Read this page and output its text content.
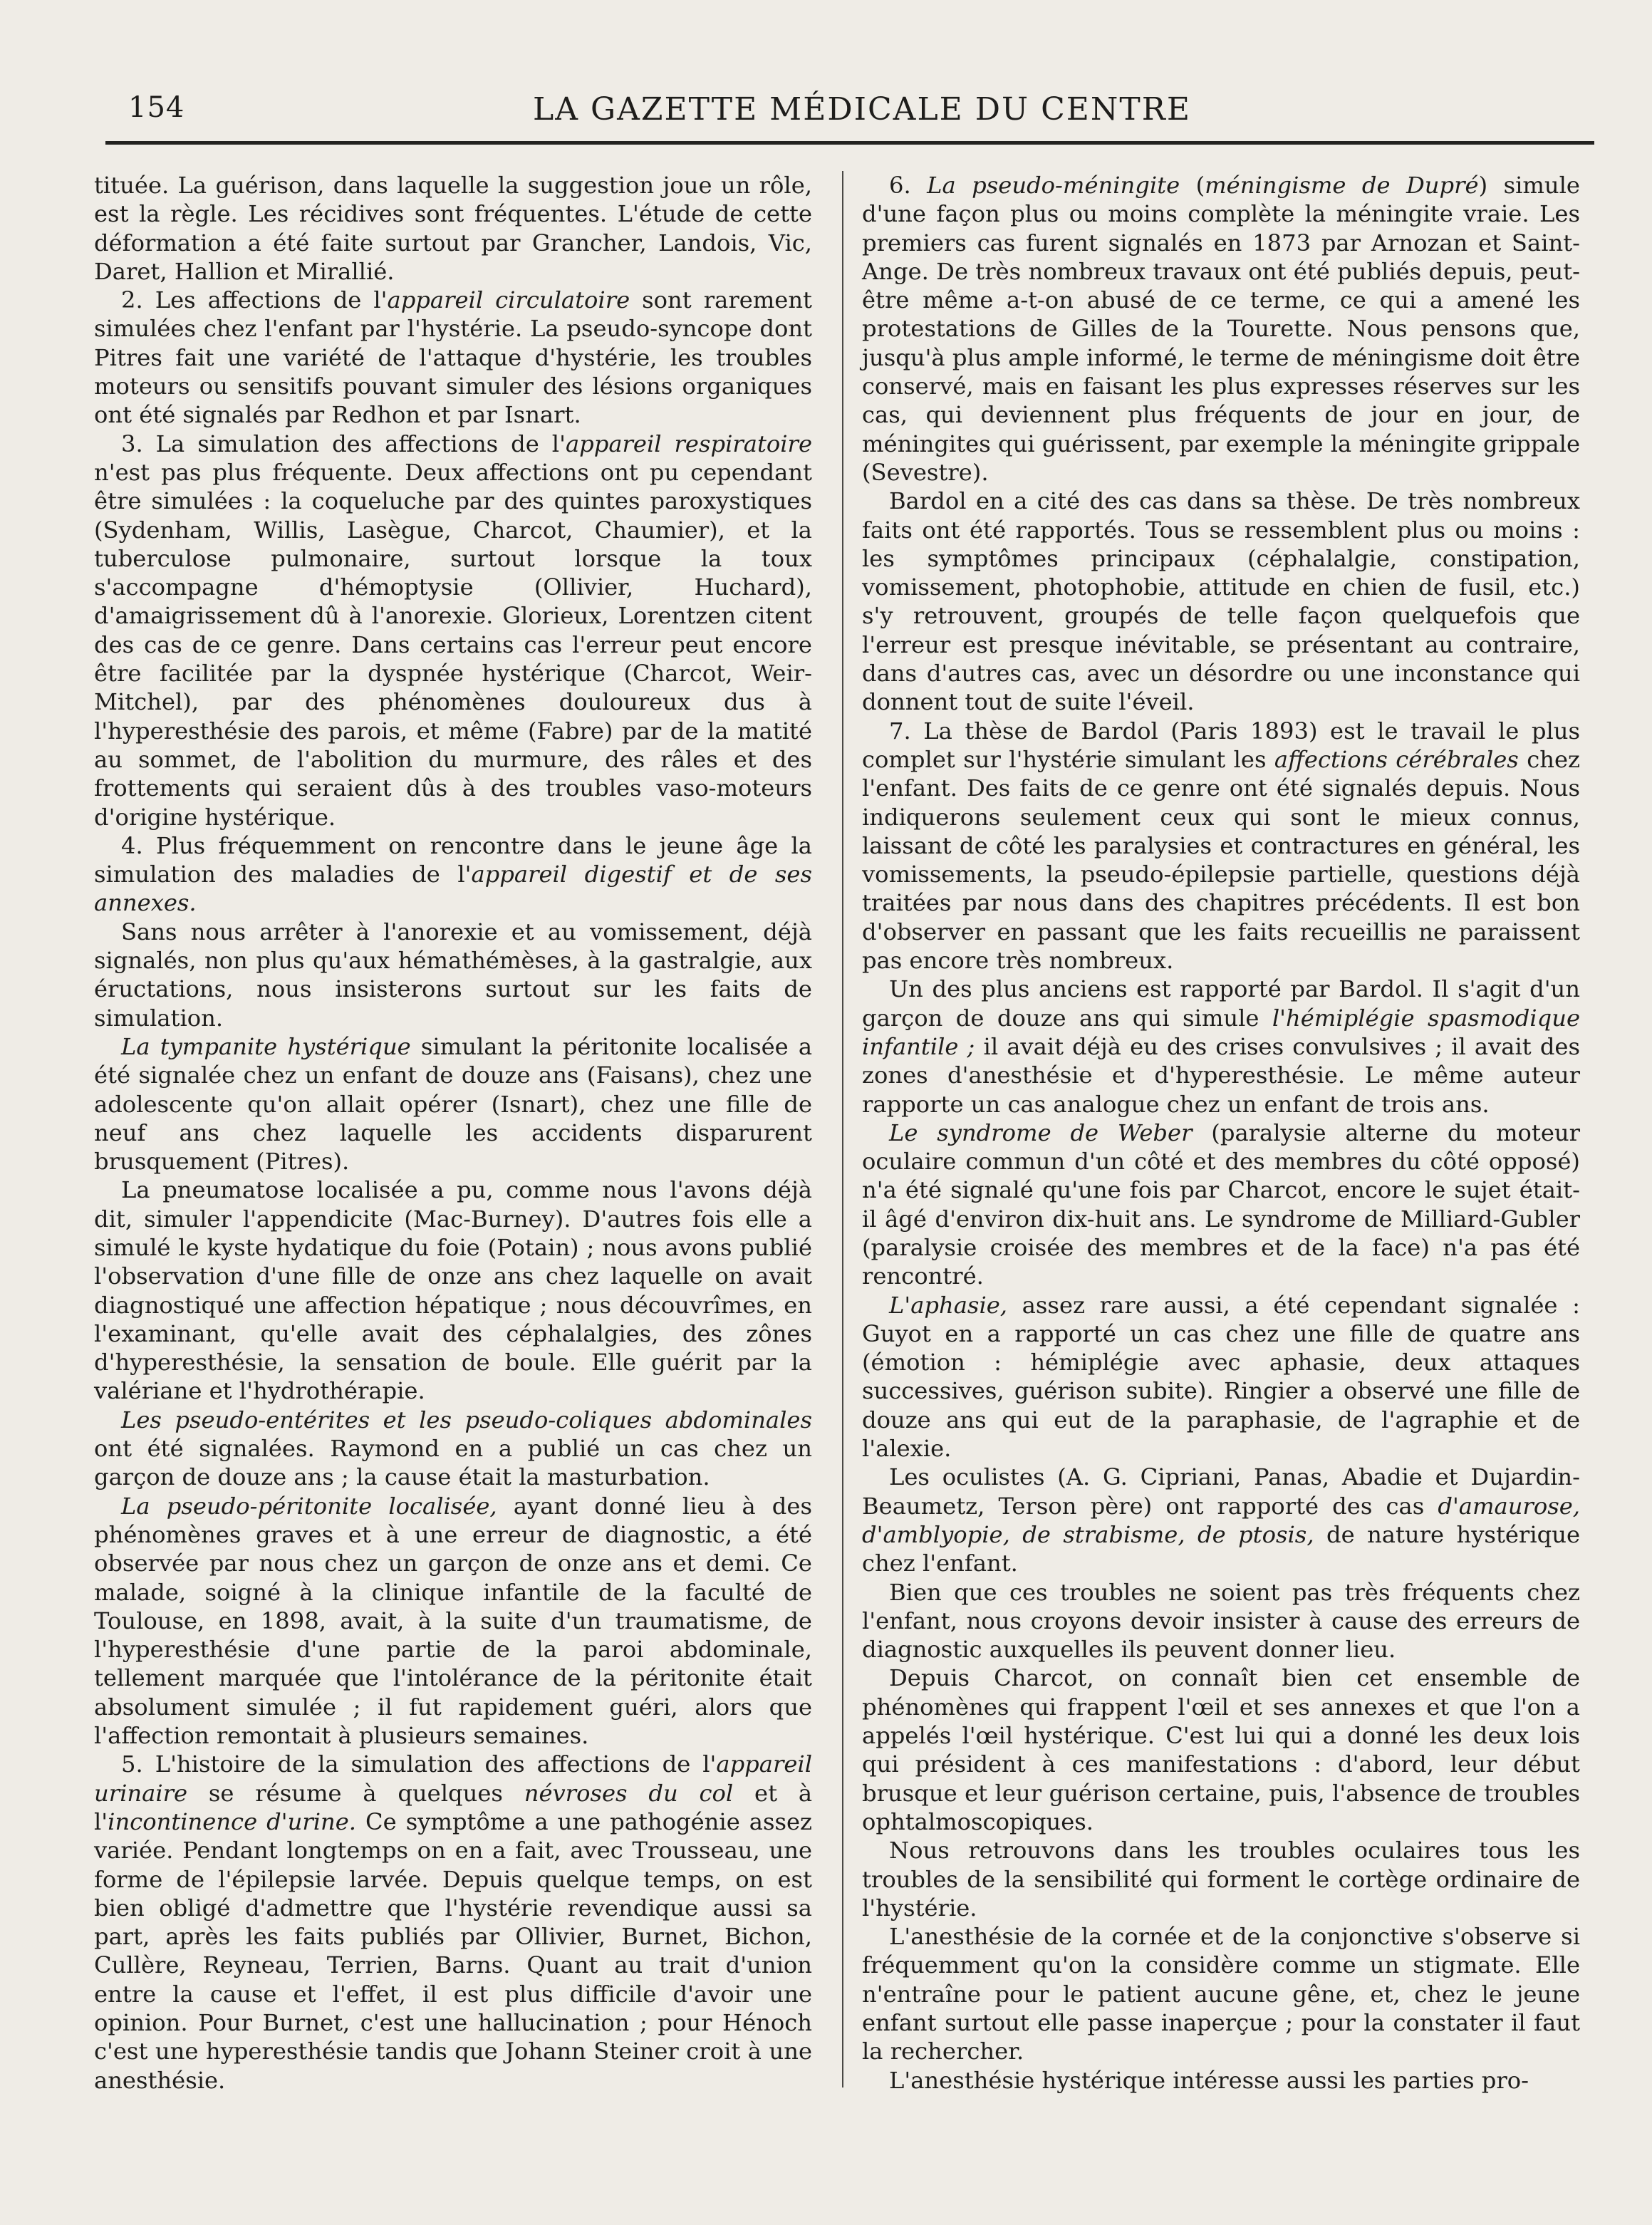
154	LA GAZETTE MÉDICALE DU CENTRE

tituée. La guérison, dans laquelle la suggestion joue un rôle, est la règle. Les récidives sont fréquentes. L'étude de cette déformation a été faite surtout par Grancher, Landois, Vic, Daret, Hallion et Mirallié.

2. Les affections de l'appareil circulatoire sont rarement simulées chez l'enfant par l'hystérie. La pseudo-syncope dont Pitres fait une variété de l'attaque d'hystérie, les troubles moteurs ou sensitifs pouvant simuler des lésions organiques ont été signalés par Redhon et par Isnart.

3. La simulation des affections de l'appareil respiratoire n'est pas plus fréquente. Deux affections ont pu cependant être simulées : la coqueluche par des quintes paroxystiques (Sydenham, Willis, Lasègue, Charcot, Chaumier), et la tuberculose pulmonaire, surtout lorsque la toux s'accompagne d'hémoptysie (Ollivier, Huchard), d'amaigrissement dû à l'anorexie. Glorieux, Lorentzen citent des cas de ce genre. Dans certains cas l'erreur peut encore être facilitée par la dyspnée hystérique (Charcot, Weir-Mitchel), par des phénomènes douloureux dus à l'hyperesthésie des parois, et même (Fabre) par de la matité au sommet, de l'abolition du murmure, des râles et des frottements qui seraient dûs à des troubles vaso-moteurs d'origine hystérique.

4. Plus fréquemment on rencontre dans le jeune âge la simulation des maladies de l'appareil digestif et de ses annexes.

Sans nous arrêter à l'anorexie et au vomissement, déjà signalés, non plus qu'aux hémathémèses, à la gastralgie, aux éructations, nous insisterons surtout sur les faits de simulation.

La tympanite hystérique simulant la péritonite localisée a été signalée chez un enfant de douze ans (Faisans), chez une adolescente qu'on allait opérer (Isnart), chez une fille de neuf ans chez laquelle les accidents disparurent brusquement (Pitres).

La pneumatose localisée a pu, comme nous l'avons déjà dit, simuler l'appendicite (Mac-Burney). D'autres fois elle a simulé le kyste hydatique du foie (Potain) ; nous avons publié l'observation d'une fille de onze ans chez laquelle on avait diagnostiqué une affection hépatique ; nous découvrîmes, en l'examinant, qu'elle avait des céphalalgies, des zônes d'hyperesthésie, la sensation de boule. Elle guérit par la valériane et l'hydrothérapie.

Les pseudo-entérites et les pseudo-coliques abdominales ont été signalées. Raymond en a publié un cas chez un garçon de douze ans ; la cause était la masturbation.

La pseudo-péritonite localisée, ayant donné lieu à des phénomènes graves et à une erreur de diagnostic, a été observée par nous chez un garçon de onze ans et demi. Ce malade, soigné à la clinique infantile de la faculté de Toulouse, en 1898, avait, à la suite d'un traumatisme, de l'hyperesthésie d'une partie de la paroi abdominale, tellement marquée que l'intolérance de la péritonite était absolument simulée ; il fut rapidement guéri, alors que l'affection remontait à plusieurs semaines.

5. L'histoire de la simulation des affections de l'appareil urinaire se résume à quelques névroses du col et à l'incontinence d'urine. Ce symptôme a une pathogénie assez variée. Pendant longtemps on en a fait, avec Trousseau, une forme de l'épilepsie larvée. Depuis quelque temps, on est bien obligé d'admettre que l'hystérie revendique aussi sa part, après les faits publiés par Ollivier, Burnet, Bichon, Cullère, Reyneau, Terrien, Barns. Quant au trait d'union entre la cause et l'effet, il est plus difficile d'avoir une opinion. Pour Burnet, c'est une hallucination ; pour Hénoch c'est une hyperesthésie tandis que Johann Steiner croit à une anesthésie.

6. La pseudo-méningite (méningisme de Dupré) simule d'une façon plus ou moins complète la méningite vraie. Les premiers cas furent signalés en 1873 par Arnozan et Saint-Ange. De très nombreux travaux ont été publiés depuis, peut-être même a-t-on abusé de ce terme, ce qui a amené les protestations de Gilles de la Tourette. Nous pensons que, jusqu'à plus ample informé, le terme de méningisme doit être conservé, mais en faisant les plus expresses réserves sur les cas, qui deviennent plus fréquents de jour en jour, de méningites qui guérissent, par exemple la méningite grippale (Sevestre).

Bardol en a cité des cas dans sa thèse. De très nombreux faits ont été rapportés. Tous se ressemblent plus ou moins : les symptômes principaux (céphalalgie, constipation, vomissement, photophobie, attitude en chien de fusil, etc.) s'y retrouvent, groupés de telle façon quelquefois que l'erreur est presque inévitable, se présentant au contraire, dans d'autres cas, avec un désordre ou une inconstance qui donnent tout de suite l'éveil.

7. La thèse de Bardol (Paris 1893) est le travail le plus complet sur l'hystérie simulant les affections cérébrales chez l'enfant. Des faits de ce genre ont été signalés depuis. Nous indiquerons seulement ceux qui sont le mieux connus, laissant de côté les paralysies et contractures en général, les vomissements, la pseudo-épilepsie partielle, questions déjà traitées par nous dans des chapitres précédents. Il est bon d'observer en passant que les faits recueillis ne paraissent pas encore très nombreux.

Un des plus anciens est rapporté par Bardol. Il s'agit d'un garçon de douze ans qui simule l'hémiplégie spasmodique infantile ; il avait déjà eu des crises convulsives ; il avait des zones d'anesthésie et d'hyperesthésie. Le même auteur rapporte un cas analogue chez un enfant de trois ans.

Le syndrome de Weber (paralysie alterne du moteur oculaire commun d'un côté et des membres du côté opposé) n'a été signalé qu'une fois par Charcot, encore le sujet était-il âgé d'environ dix-huit ans. Le syndrome de Milliard-Gubler (paralysie croisée des membres et de la face) n'a pas été rencontré.

L'aphasie, assez rare aussi, a été cependant signalée : Guyot en a rapporté un cas chez une fille de quatre ans (émotion : hémiplégie avec aphasie, deux attaques successives, guérison subite). Ringier a observé une fille de douze ans qui eut de la paraphasie, de l'agraphie et de l'alexie.

Les oculistes (A. G. Cipriani, Panas, Abadie et Dujardin-Beaumetz, Terson père) ont rapporté des cas d'amaurose, d'amblyopie, de strabisme, de ptosis, de nature hystérique chez l'enfant.

Bien que ces troubles ne soient pas très fréquents chez l'enfant, nous croyons devoir insister à cause des erreurs de diagnostic auxquelles ils peuvent donner lieu.

Depuis Charcot, on connaît bien cet ensemble de phénomènes qui frappent l'œil et ses annexes et que l'on a appelés l'œil hystérique. C'est lui qui a donné les deux lois qui président à ces manifestations : d'abord, leur début brusque et leur guérison certaine, puis, l'absence de troubles ophtalmoscopiques.

Nous retrouvons dans les troubles oculaires tous les troubles de la sensibilité qui forment le cortège ordinaire de l'hystérie.

L'anesthésie de la cornée et de la conjonctive s'observe si fréquemment qu'on la considère comme un stigmate. Elle n'entraîne pour le patient aucune gêne, et, chez le jeune enfant surtout elle passe inaperçue ; pour la constater il faut la rechercher.

L'anesthésie hystérique intéresse aussi les parties pro-
